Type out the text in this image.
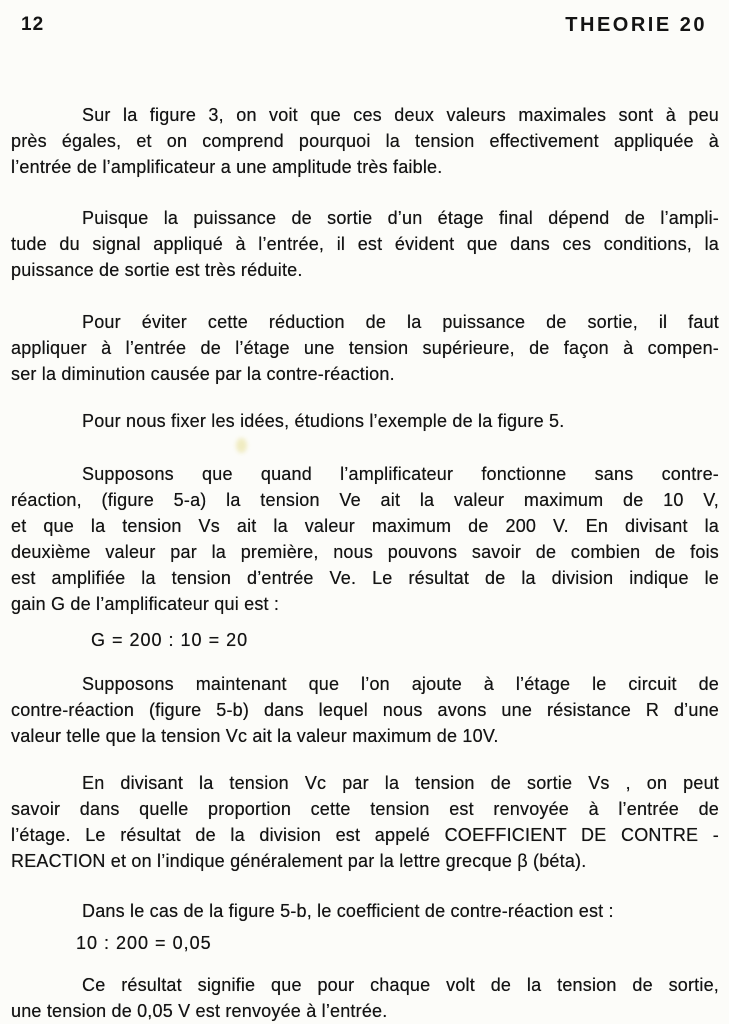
12	THEORIE 20
Sur la figure 3, on voit que ces deux valeurs maximales sont à peu
près égales, et on comprend pourquoi la tension effectivement appliquée à
l’entrée de l’amplificateur a une amplitude très faible.
Puisque la puissance de sortie d’un étage final dépend de l’ampli-
tude du signal appliqué à l’entrée, il est évident que dans ces conditions, la
puissance de sortie est très réduite.
Pour éviter cette réduction de la puissance de sortie, il faut
appliquer à l’entrée de l’étage une tension supérieure, de façon à compen-
ser la diminution causée par la contre-réaction.
Pour nous fixer les idées, étudions l’exemple de la figure 5.
Supposons que quand l’amplificateur fonctionne sans contre-
réaction, (figure 5-a) la tension Ve ait la valeur maximum de 10 V,
et que la tension Vs ait la valeur maximum de 200 V. En divisant la
deuxième valeur par la première, nous pouvons savoir de combien de fois
est amplifiée la tension d’entrée Ve. Le résultat de la division indique le
gain G de l’amplificateur qui est :
G = 200 : 10 = 20
Supposons maintenant que l’on ajoute à l’étage le circuit de
contre-réaction (figure 5-b) dans lequel nous avons une résistance R d’une
valeur telle que la tension Vc ait la valeur maximum de 10V.
En divisant la tension Vc par la tension de sortie Vs , on peut
savoir dans quelle proportion cette tension est renvoyée à l’entrée de
l’étage. Le résultat de la division est appelé COEFFICIENT DE CONTRE -
REACTION et on l’indique généralement par la lettre grecque β (béta).
Dans le cas de la figure 5-b, le coefficient de contre-réaction est :
10 : 200 = 0,05
Ce résultat signifie que pour chaque volt de la tension de sortie,
une tension de 0,05 V est renvoyée à l’entrée.
